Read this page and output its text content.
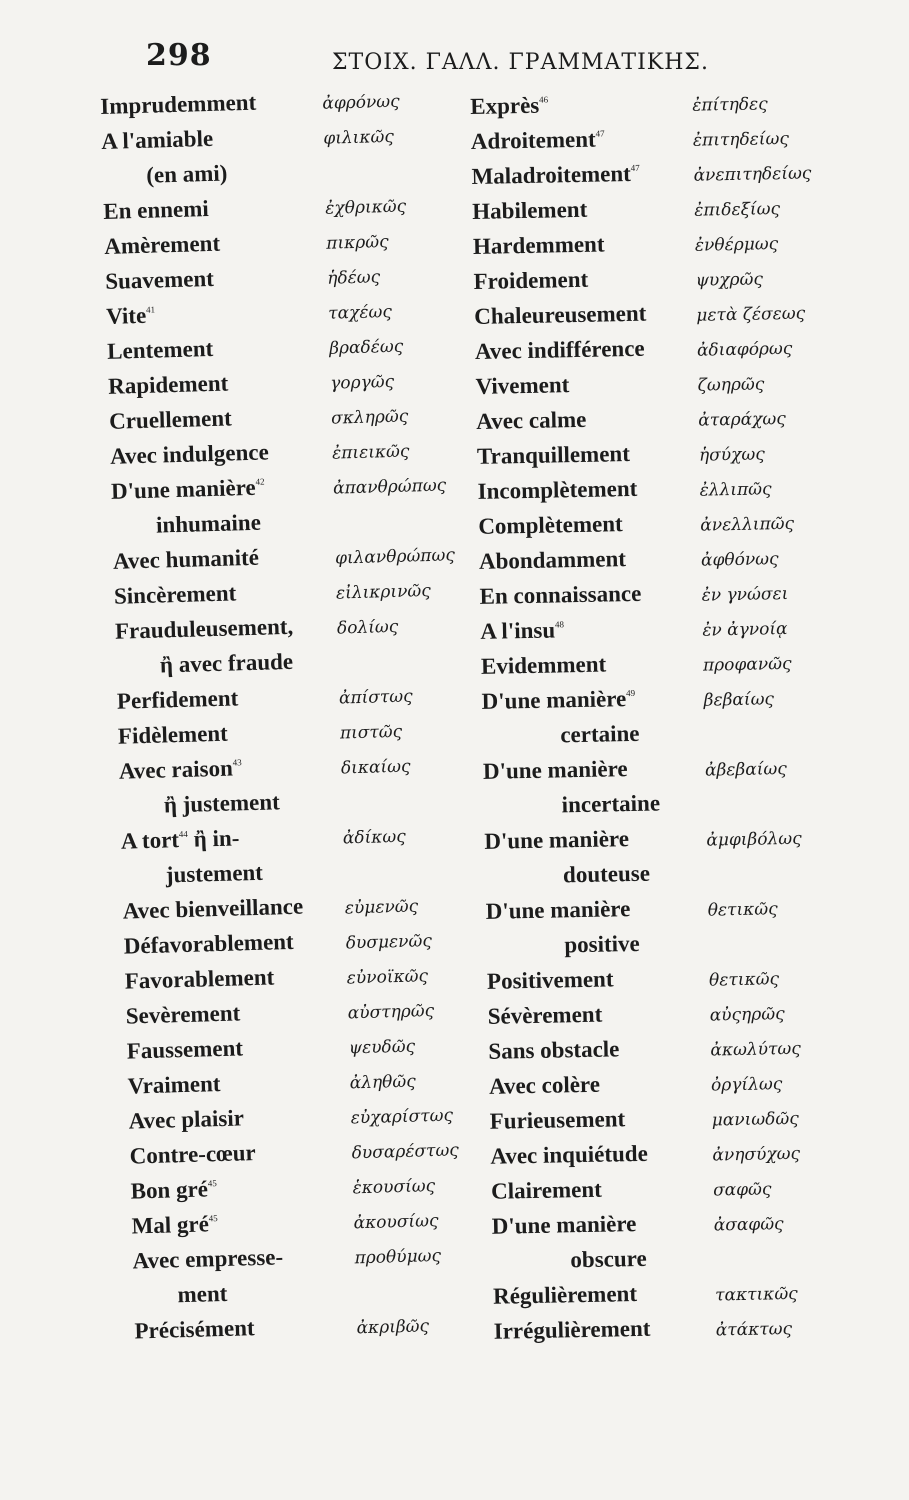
298	ΣΤΟΙΧ. ΓΑΛΛ. ΓΡΑΜΜΑΤΙΚΗΣ.
Imprudemment	ἀφρόνως
A l'amiable	φιλικῶς
(en ami)
En ennemi	ἐχθρικῶς
Amèrement	πικρῶς
Suavement	ἡδέως
Vite$^{41}$	ταχέως
Lentement	βραδέως
Rapidement	γοργῶς
Cruellement	σκληρῶς
Avec indulgence	ἐπιεικῶς
D'une manière$^{42}$	ἀπανθρώπως
inhumaine
Avec humanité	φιλανθρώπως
Sincèrement	εἰλικρινῶς
Frauduleusement,	δολίως
ἢ avec fraude
Perfidement	ἀπίστως
Fidèlement	πιστῶς
Avec raison$^{43}$	δικαίως
ἢ justement
A tort$^{44}$ ἢ in-	ἀδίκως
justement
Avec bienveillance εὐμενῶς
Défavorablement	δυσμενῶς
Favorablement	εὐνοϊκῶς
Sevèrement	αὐστηρῶς
Faussement	ψευδῶς
Vraiment	ἀληθῶς
Avec plaisir	εὐχαρίστως
Contre-cœur	δυσαρέστως
Bon gré$^{45}$	ἑκουσίως
Mal gré$^{45}$	ἀκουσίως
Avec empresse-	προθύμως
ment
Précisément	ἀκριβῶς
Exprès$^{46}$	ἐπίτηδες
Adroitement$^{47}$	ἐπιτηδείως
Maladroitement$^{47}$	ἀνεπιτηδείως
Habilement	ἐπιδεξίως
Hardemment	ἐνθέρμως
Froidement	ψυχρῶς
Chaleureusement	μετὰ ζέσεως
Avec indifférence	ἀδιαφόρως
Vivement	ζωηρῶς
Avec calme	ἀταράχως
Tranquillement	ἡσύχως
Incomplètement	ἐλλιπῶς
Complètement	ἀνελλιπῶς
Abondamment	ἀφθόνως
En connaissance	ἐν γνώσει
A l'insu$^{48}$	ἐν ἀγνοίᾳ
Evidemment	προφανῶς
D'une manière$^{49}$	βεβαίως
certaine
D'une manière	ἀβεβαίως
incertaine
D'une manière	ἀμφιβόλως
douteuse
D'une manière	θετικῶς
positive
Positivement	θετικῶς
Sévèrement	αὐςηρῶς
Sans obstacle	ἀκωλύτως
Avec colère	ὀργίλως
Furieusement	μανιωδῶς
Avec inquiétude	ἀνησύχως
Clairement	σαφῶς
D'une manière	ἀσαφῶς
obscure
Régulièrement	τακτικῶς
Irrégulièrement	ἀτάκτως
